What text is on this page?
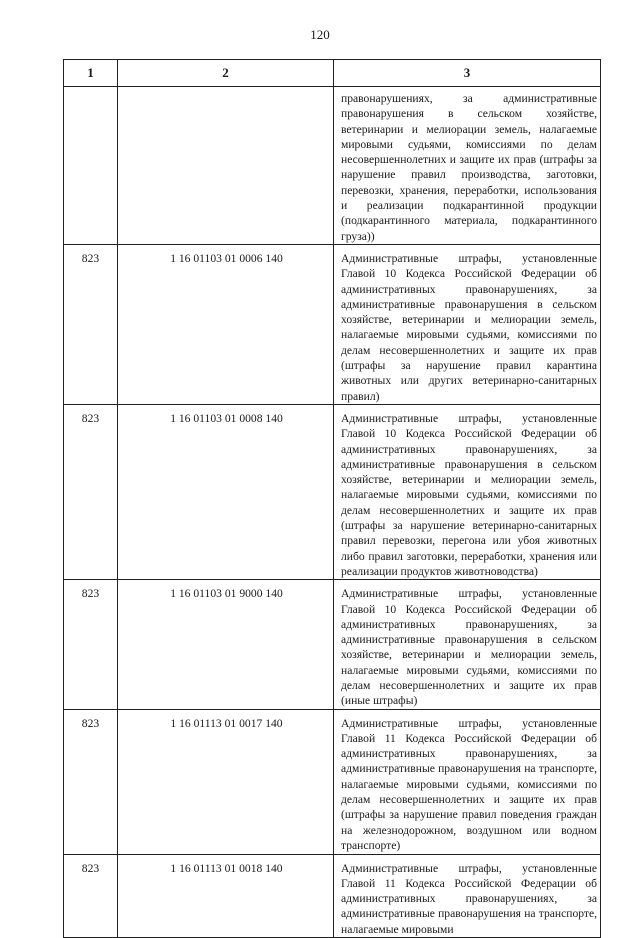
120
1	2	3
		правонарушениях, за административные правонарушения в сельском хозяйстве, ветеринарии и мелиорации земель, налагаемые мировыми судьями, комиссиями по делам несовершеннолетних и защите их прав (штрафы за нарушение правил производства, заготовки, перевозки, хранения, переработки, использования и реализации подкарантинной продукции (подкарантинного материала, подкарантинного груза))
823	1 16 01103 01 0006 140	Административные штрафы, установленные Главой 10 Кодекса Российской Федерации об административных правонарушениях, за административные правонарушения в сельском хозяйстве, ветеринарии и мелиорации земель, налагаемые мировыми судьями, комиссиями по делам несовершеннолетних и защите их прав (штрафы за нарушение правил карантина животных или других ветеринарно-санитарных правил)
823	1 16 01103 01 0008 140	Административные штрафы, установленные Главой 10 Кодекса Российской Федерации об административных правонарушениях, за административные правонарушения в сельском хозяйстве, ветеринарии и мелиорации земель, налагаемые мировыми судьями, комиссиями по делам несовершеннолетних и защите их прав (штрафы за нарушение ветеринарно-санитарных правил перевозки, перегона или убоя животных либо правил заготовки, переработки, хранения или реализации продуктов животноводства)
823	1 16 01103 01 9000 140	Административные штрафы, установленные Главой 10 Кодекса Российской Федерации об административных правонарушениях, за административные правонарушения в сельском хозяйстве, ветеринарии и мелиорации земель, налагаемые мировыми судьями, комиссиями по делам несовершеннолетних и защите их прав (иные штрафы)
823	1 16 01113 01 0017 140	Административные штрафы, установленные Главой 11 Кодекса Российской Федерации об административных правонарушениях, за административные правонарушения на транспорте, налагаемые мировыми судьями, комиссиями по делам несовершеннолетних и защите их прав (штрафы за нарушение правил поведения граждан на железнодорожном, воздушном или водном транспорте)
823	1 16 01113 01 0018 140	Административные штрафы, установленные Главой 11 Кодекса Российской Федерации об административных правонарушениях, за административные правонарушения на транспорте, налагаемые мировыми
